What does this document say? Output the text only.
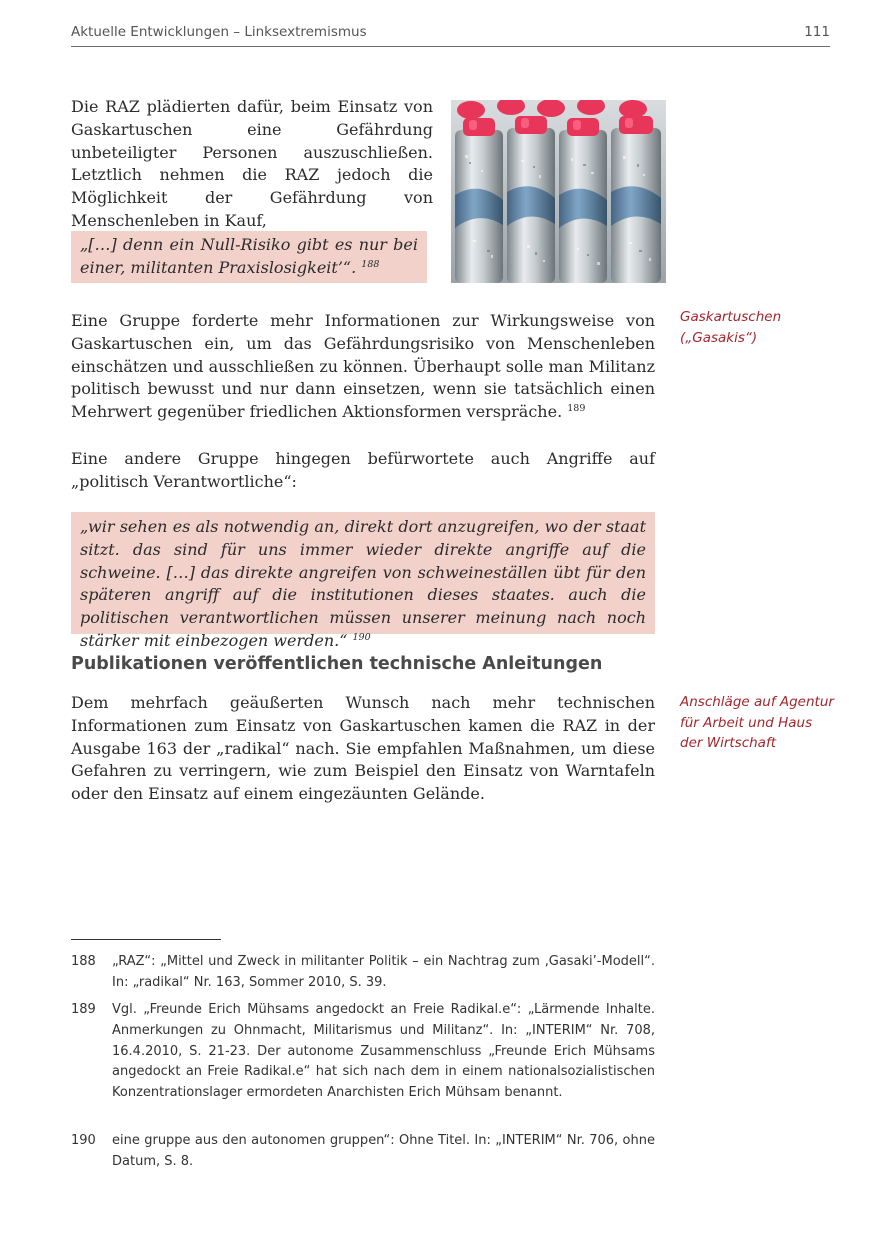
Aktuelle Entwicklungen – Linksextremismus	111

Die RAZ plädierten dafür, beim Einsatz von Gaskartuschen eine Gefährdung unbeteiligter Personen auszuschließen. Letztlich nehmen die RAZ jedoch die Möglichkeit der Gefährdung von Menschenleben in Kauf,

„[…] denn ein Null-Risiko gibt es nur bei einer, militanten Praxislosigkeit’“. $^{188}$

Eine Gruppe forderte mehr Informationen zur Wirkungsweise von Gaskartuschen ein, um das Gefährdungsrisiko von Menschenleben einschätzen und ausschließen zu können. Überhaupt solle man Militanz politisch bewusst und nur dann einsetzen, wenn sie tatsächlich einen Mehrwert gegenüber friedlichen Aktionsformen verspräche. $^{189}$

Gaskartuschen
(„Gasakis“)

Eine andere Gruppe hingegen befürwortete auch Angriffe auf „politisch Verantwortliche“:

„wir sehen es als notwendig an, direkt dort anzugreifen, wo der staat sitzt. das sind für uns immer wieder direkte angriffe auf die schweine. […] das direkte angreifen von schweineställen übt für den späteren angriff auf die institutionen dieses staates. auch die politischen verantwortlichen müssen unserer meinung nach noch stärker mit einbezogen werden.“ $^{190}$
Publikationen veröffentlichen technische Anleitungen

Dem mehrfach geäußerten Wunsch nach mehr technischen Informationen zum Einsatz von Gaskartuschen kamen die RAZ in der Ausgabe 163 der „radikal“ nach. Sie empfahlen Maßnahmen, um diese Gefahren zu verringern, wie zum Beispiel den Einsatz von Warntafeln oder den Einsatz auf einem eingezäunten Gelände.

Anschläge auf Agentur
für Arbeit und Haus
der Wirtschaft
188	„RAZ“: „Mittel und Zweck in militanter Politik – ein Nachtrag zum ‚Gasaki’-Modell“. In: „radikal“ Nr. 163, Sommer 2010, S. 39.
189	Vgl. „Freunde Erich Mühsams angedockt an Freie Radikal.e“: „Lärmende Inhalte. Anmerkungen zu Ohnmacht, Militarismus und Militanz“. In: „INTERIM“ Nr. 708, 16.4.2010, S. 21-23. Der autonome Zusammenschluss „Freunde Erich Mühsams angedockt an Freie Radikal.e“ hat sich nach dem in einem nationalsozialistischen Konzentrationslager ermordeten Anarchisten Erich Mühsam benannt.
190	eine gruppe aus den autonomen gruppen“: Ohne Titel. In: „INTERIM“ Nr. 706, ohne Datum, S. 8.
